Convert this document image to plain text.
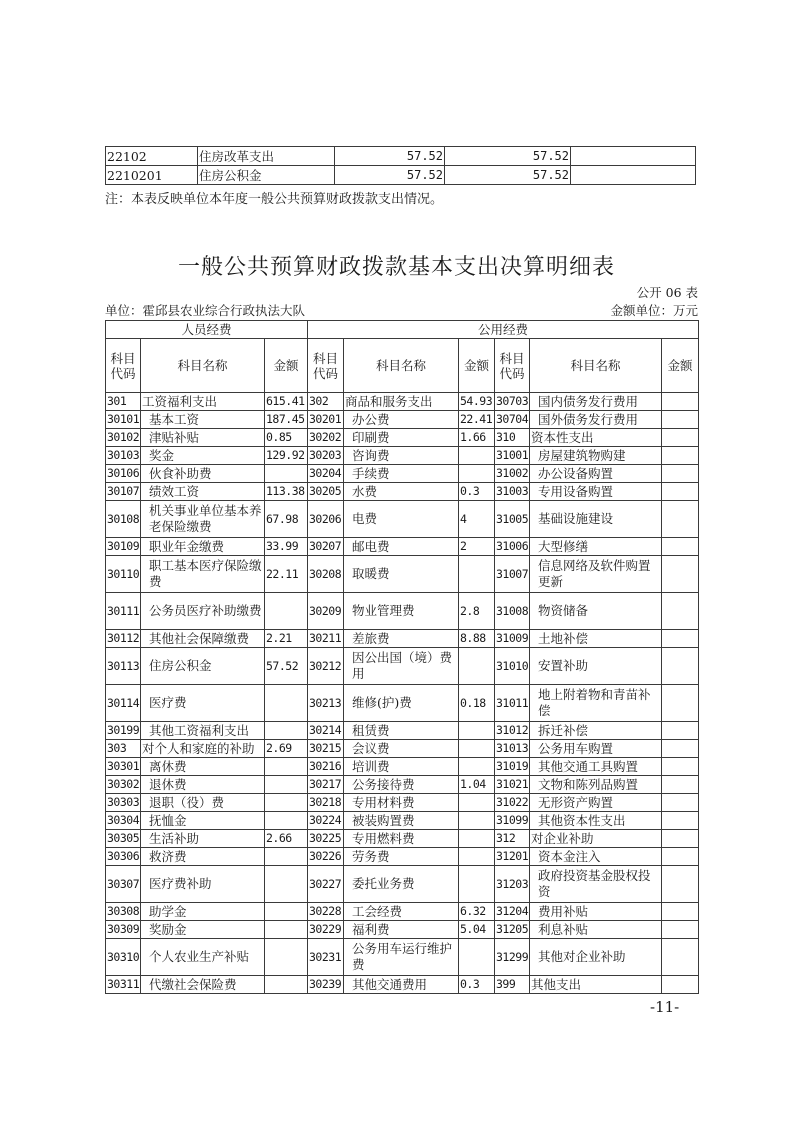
22102	住房改革支出	57.52	57.52	
2210201	住房公积金	57.52	57.52	
注：本表反映单位本年度一般公共预算财政拨款支出情况。
一般公共预算财政拨款基本支出决算明细表
公开 06 表
单位：霍邱县农业综合行政执法大队	金额单位：万元
人员经费			公用经费					
科目代码	科目名称	金额	科目代码	科目名称	金额	科目代码	科目名称	金额
301	工资福利支出	615.41	302	商品和服务支出	54.93	30703	国内债务发行费用	
30101	基本工资	187.45	30201	办公费	22.41	30704	国外债务发行费用	
30102	津贴补贴	0.85	30202	印刷费	1.66	310	资本性支出	
30103	奖金	129.92	30203	咨询费		31001	房屋建筑物购建	
30106	伙食补助费		30204	手续费		31002	办公设备购置	
30107	绩效工资	113.38	30205	水费	0.3	31003	专用设备购置	
30108	机关事业单位基本养老保险缴费	67.98	30206	电费	4	31005	基础设施建设	
30109	职业年金缴费	33.99	30207	邮电费	2	31006	大型修缮	
30110	职工基本医疗保险缴费	22.11	30208	取暖费		31007	信息网络及软件购置更新	
30111	公务员医疗补助缴费		30209	物业管理费	2.8	31008	物资储备	
30112	其他社会保障缴费	2.21	30211	差旅费	8.88	31009	土地补偿	
30113	住房公积金	57.52	30212	因公出国（境）费用		31010	安置补助	
30114	医疗费		30213	维修(护)费	0.18	31011	地上附着物和青苗补偿	
30199	其他工资福利支出		30214	租赁费		31012	拆迁补偿	
303	对个人和家庭的补助	2.69	30215	会议费		31013	公务用车购置	
30301	离休费		30216	培训费		31019	其他交通工具购置	
30302	退休费		30217	公务接待费	1.04	31021	文物和陈列品购置	
30303	退职（役）费		30218	专用材料费		31022	无形资产购置	
30304	抚恤金		30224	被装购置费		31099	其他资本性支出	
30305	生活补助	2.66	30225	专用燃料费		312	对企业补助	
30306	救济费		30226	劳务费		31201	资本金注入	
30307	医疗费补助		30227	委托业务费		31203	政府投资基金股权投资	
30308	助学金		30228	工会经费	6.32	31204	费用补贴	
30309	奖励金		30229	福利费	5.04	31205	利息补贴	
30310	个人农业生产补贴		30231	公务用车运行维护费		31299	其他对企业补助	
30311	代缴社会保险费		30239	其他交通费用	0.3	399	其他支出	
-11-
